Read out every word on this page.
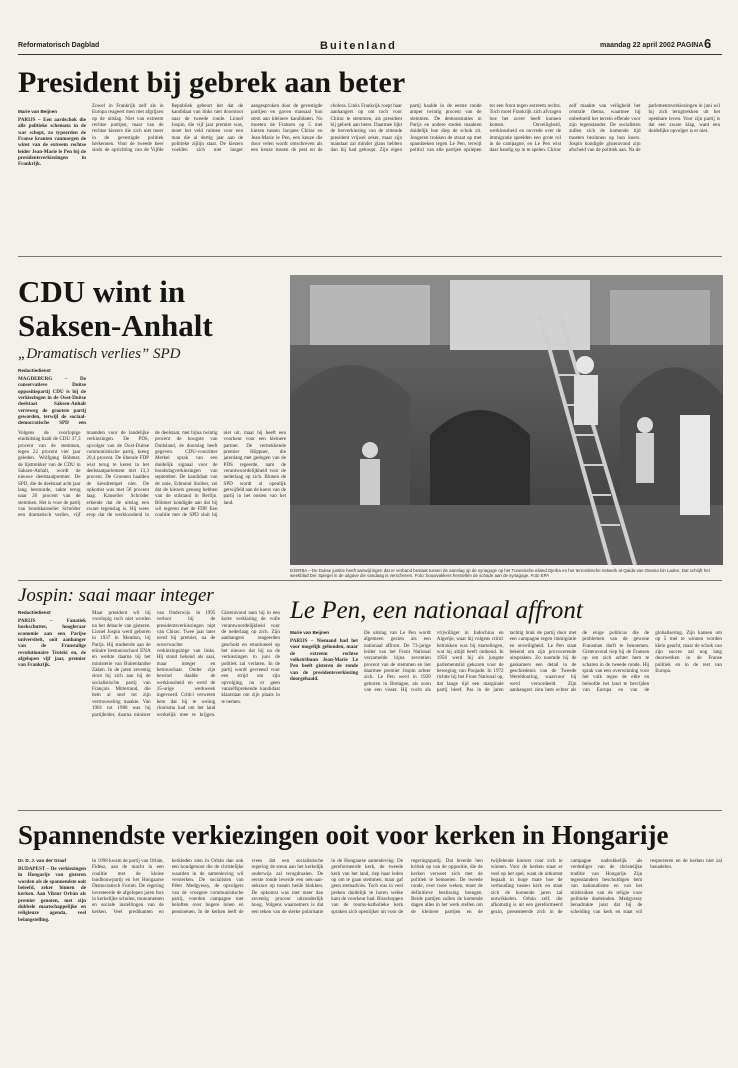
Reformatorisch Dagblad	Buitenland	maandag 22 april 2002 PAGINA 6
President bij gebrek aan beter
Marie van Beijnen
PARIJS – Een aardschok die alle politieke schemata in de war schopt, zo typeerden de Franse kranten vanmorgen de winst van de extreem rechtse leider Jean-Marie le Pen bij de presidentsverkiezingen in Frankrijk.
Zowel in Frankrijk zelf als in Europa reageert men met afgrijzen op de uitslag. Niet van extreem rechtse partijen, maar van de rechtse kiezers die zich niet meer in de gevestigde politiek herkennen. Voor de tweede keer sinds de oprichting van de Vijfde Republiek gebeurt het dat de kandidaat van links niet doorstoot naar de tweede ronde. Lionel Jospin, die vijf jaar premier was, moet het veld ruimen voor een man die al dertig jaar aan de politieke zijlijn staat. De kiezers voelden zich niet langer aangesproken door de gevestigde partijen en gaven massaal hun stem aan kleinere kandidaten. Nu moeten de Fransen op 5 mei kiezen tussen Jacques Chirac en Jean-Marie le Pen, een keuze die door velen wordt omschreven als een keuze tussen de pest en de cholera. Links Frankrijk roept haar aanhangers op om toch voor Chirac te stemmen, als president bij gebrek aan beter. Daarmee lijkt de herverkiezing van de zittende president vrijwel zeker, maar zijn mandaat zal minder glans hebben dan hij had gehoopt. Zijn eigen partij haalde in de eerste ronde amper twintig procent van de stemmen. De demonstraties in Parijs en andere steden maakten duidelijk hoe diep de schok zit. Jongeren trokken de straat op met spandoeken tegen Le Pen, terwijl politici van alle partijen opriepen tot een front tegen extreem rechts. Toch moet Frankrijk zich afvragen hoe het zover heeft kunnen komen. Onveiligheid, werkloosheid en onvrede over de immigratie speelden een grote rol in de campagne, en Le Pen wist daar handig op in te spelen. Chirac zelf maakte van veiligheid het centrale thema, waarmee hij onbedoeld het terrein effende voor zijn tegenstander. De socialisten zullen zich de komende tijd moeten bezinnen op hun koers. Jospin kondigde gisteravond zijn afscheid van de politiek aan. Na de parlementsverkiezingen in juni wil hij zich terugtrekken uit het openbare leven. Voor zijn partij is dat een zware klap, want een duidelijke opvolger is er niet.
CDU wint in
Saksen-Anhalt
„Dramatisch verlies” SPD
Redactiedienst
MAGDEBURG – De conservatieve Duitse oppositiepartij CDU is bij de verkiezingen in de Oost-Duitse deelstaat Saksen-Anhalt verreweg de grootste partij geworden, terwijl de sociaal-democratische SPD een
Volgens de voorlopige einduitslag haalt de CDU 37,3 procent van de stemmen, tegen 22 procent vier jaar geleden. Wolfgang Böhmer, de lijsttrekker van de CDU in Saksen-Anhalt, wordt de nieuwe deelstaatpremier. De SPD, die de deelstaat acht jaar lang bestuurde, zakte terug naar 20 procent van de stemmen. Het is voor de partij van bondskanselier Schröder een dramatisch verlies, vijf maanden voor de landelijke verkiezingen. De PDS, opvolger van de Oost-Duitse communistische partij, kreeg 20,4 procent. De liberale FDP wist terug te keren in het deelstaatparlement met 13,3 procent. De Groenen haalden de kiesdrempel niet. De opkomst was met 56 procent laag. Kanselier Schröder erkende dat de uitslag een zware tegenslag is. Hij wees erop dat de werkloosheid in de deelstaat, met bijna twintig procent de hoogste van Duitsland, de doorslag heeft gegeven. CDU-voorzitter Merkel sprak van een duidelijk signaal voor de bondsdagverkiezingen van september. De kandidaat van de unie, Edmund Stoiber, zei dat de kiezers genoeg hebben van de stilstand in Berlijn. Böhmer kondigde aan dat hij wil regeren met de FDP. Een coalitie met de SPD sluit hij niet uit, maar hij heeft een voorkeur voor een kleinere partner. De vertrekkende premier Höppner, die jarenlang met gedogen van de PDS regeerde, nam de verantwoordelijkheid voor de nederlaag op zich. Binnen de SPD wordt al openlijk getwijfeld aan de koers van de partij in het oosten van het land.
DJERBA – De Duitse justitie heeft aanwijzingen dat er verband bestaat tussen de aanslag op de synagoge op het Tunesische eiland Djerba en het terroristische netwerk al-Qaida van Osama bin Laden. Dat schrijft het weekblad Der Spiegel in de uitgave die vandaag is verschenen. Foto: bouwvakkers herstellen de schade aan de synagoge. Foto EPA
Jospin: saai maar integer
Redactiedienst
PARIJS – Fanatiek hoekschutter, hoogleraar economie aan een Parijse universiteit, ooit aanhanger van de Franstalige revolutionaire Trotski en, de afgelopen vijf jaar, premier van Frankrijk.
Maar president wil hij voorlopig toch niet worden na het debacle van gisteren. Lionel Jospin werd geboren in 1937 in Meudon, bij Parijs. Hij studeerde aan de elitaire bestuursschool ENA en werkte daarna bij het ministerie van Buitenlandse Zaken. In de jaren zeventig sloot hij zich aan bij de socialistische partij van François Mitterrand, die hem al snel tot zijn vertrouweling maakte. Van 1981 tot 1988 was hij partijleider, daarna minister van Onderwijs. In 1995 verloor hij de presidentsverkiezingen nipt van Chirac. Twee jaar later werd hij premier, na de onverwachte verkiezingszege van links. Hij stond bekend als saai, maar integer en betrouwbaar. Onder zijn bewind daalde de werkloosheid en werd de 35-urige werkweek ingevoerd. Critici verweten hem dat hij te weinig charisma had om het land werkelijk mee te krijgen. Gisteravond nam hij in een korte verklaring de volle verantwoordelijkheid voor de nederlaag op zich. Zijn aanhangers reageerden geschokt en emotioneel op het nieuws dat hij na de verkiezingen in juni de politiek zal verlaten. In de partij wordt gevreesd voor een strijd om zijn opvolging, nu er geen vanzelfsprekende kandidaat klaarstaat om zijn plaats in te nemen.
Le Pen, een nationaal affront
Marie van Beijnen
PARIJS – Niemand had het voor mogelijk gehouden, maar de extreem rechtse volkstribuun Jean-Marie Le Pen heeft gisteren de ronde van de presidentsverkiezing doorgehaald.
De uitslag van Le Pen wordt algemeen gezien als een nationaal affront. De 73-jarige leider van het Front National verzamelde bijna zeventien procent van de stemmen en liet daarmee premier Jospin achter zich. Le Pen werd in 1928 geboren in Bretagne, als zoon van een visser. Hij vocht als vrijwilliger in Indochina en Algerije, waar hij volgens critici betrokken was bij martelingen, wat hij altijd heeft ontkend. In 1956 werd hij als jongste parlementslid gekozen voor de beweging van Poujade. In 1972 richtte hij het Front National op, dat lange tijd een marginale partij bleef. Pas in de jaren tachtig brak de partij door met een campagne tegen immigratie en onveiligheid. Le Pen staat bekend om zijn provocerende uitspraken. Zo noemde hij de gaskamers een detail in de geschiedenis van de Tweede Wereldoorlog, waarvoor hij werd veroordeeld. Zijn aanhangers zien hem echter als de enige politicus die de problemen van de gewone Fransman durft te benoemen. Gisteravond riep hij de Fransen op om zich achter hem te scharen in de tweede ronde. Hij sprak van een overwinning voor het volk tegen de elite en beloofde het land te bevrijden van Europa en van de globalisering. Zijn kansen om op 5 mei te winnen worden klein geacht, maar de schok van zijn succes zal nog lang doorwerken in de Franse politiek en in de rest van Europa.
Spannendste verkiezingen ooit voor kerken in Hongarije
Dr. D. J. van der Graaf
BUDAPEST – De verkiezingen in Hongarije van gisteren worden als de spannendste ooit beleefd, zeker binnen de kerken. Aan Viktor Orbán als premier genoten, met zijn dubbele maatschappelijke en religieuze agenda, veel belangstelling.
In 1998 kwam de partij van Orbán, Fidesz, aan de macht in een coalitie met de kleine landbouwpartij en het Hongaarse Democratisch Forum. De regering investeerde de afgelopen jaren fors in kerkelijke scholen, monumenten en sociale instellingen van de kerken. Veel predikanten en kerkleden zien in Orbán dan ook een bondgenoot die de christelijke waarden in de samenleving wil versterken. De socialisten van Péter Medgyessy, de opvolgers van de vroegere communistische partij, voerden campagne met beloften over hogere lonen en pensioenen. In de kerken leeft de vrees dat een socialistische regering de steun aan het kerkelijk onderwijs zal terugdraaien. De eerste ronde leverde een nek-aan-nekrace op tussen beide blokken. De opkomst was met meer dan zeventig procent uitzonderlijk hoog. Volgens waarnemers is dat een teken van de sterke polarisatie in de Hongaarse samenleving. De gereformeerde kerk, de tweede kerk van het land, riep haar leden op om te gaan stemmen, maar gaf geen stemadvies. Toch was in veel preken duidelijk te horen welke kant de voorkeur had. Bisschoppen van de rooms-katholieke kerk spraken zich openlijker uit voor de regeringspartij. Dat leverde hen kritiek op van de oppositie, die de kerken verweet zich met de politiek te bemoeien. De tweede ronde, over twee weken, moet de definitieve beslissing brengen. Beide partijen zullen de komende dagen alles in het werk stellen om de kleinere partijen en de twijfelende kiezers voor zich te winnen. Voor de kerken staat er veel op het spel, want de uitkomst bepaalt in hoge mate hoe de verhouding tussen kerk en staat zich de komende jaren zal ontwikkelen. Orbán zelf, die afkomstig is uit een gereformeerd gezin, presenteerde zich in de campagne nadrukkelijk als verdediger van de christelijke traditie van Hongarije. Zijn tegenstanders beschuldigen hem van nationalisme en van het misbruiken van de religie voor politieke doeleinden. Medgyessy benadrukte juist dat hij de scheiding van kerk en staat wil respecteren en de kerken niet zal benadelen.
